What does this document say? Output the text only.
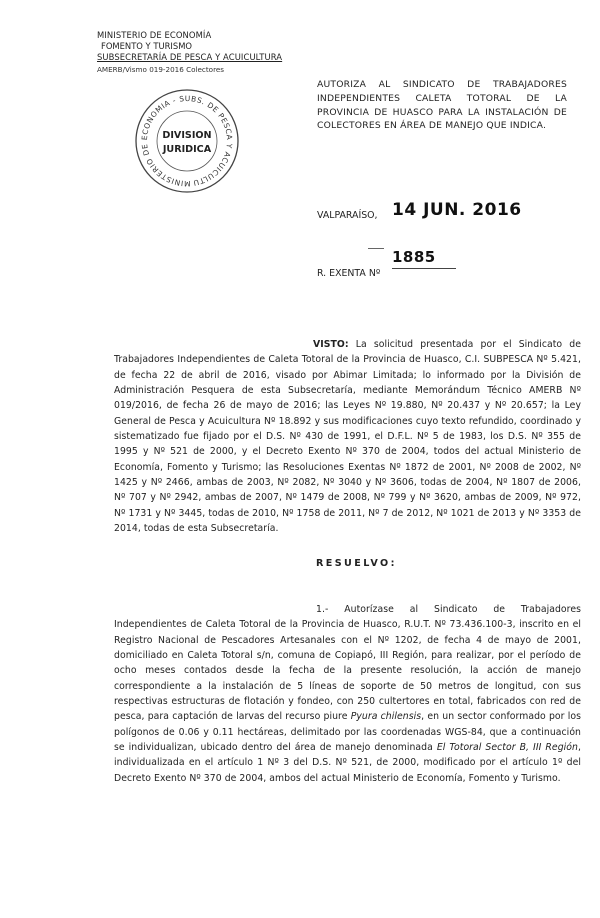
MINISTERIO DE ECONOMÍA
FOMENTO Y TURISMO
SUBSECRETARÍA DE PESCA Y ACUICULTURA
AMERB/Vismo 019-2016 Colectores
MINISTERIO DE ECONOMIA - SUBS. DE PESCA Y ACUICULTURA
DIVISION
JURIDICA
AUTORIZA AL SINDICATO DE TRABAJADORES INDEPENDIENTES CALETA TOTORAL DE LA PROVINCIA DE HUASCO PARA LA INSTALACIÓN DE COLECTORES EN ÁREA DE MANEJO QUE INDICA.
VALPARAÍSO, 14 JUN. 2016
R. EXENTA Nº
1885
VISTO: La solicitud presentada por el Sindicato de Trabajadores Independientes de Caleta Totoral de la Provincia de Huasco, C.I. SUBPESCA Nº 5.421, de fecha 22 de abril de 2016, visado por Abimar Limitada; lo informado por la División de Administración Pesquera de esta Subsecretaría, mediante Memorándum Técnico AMERB Nº 019/2016, de fecha 26 de mayo de 2016; las Leyes Nº 19.880, Nº 20.437 y Nº 20.657; la Ley General de Pesca y Acuicultura Nº 18.892 y sus modificaciones cuyo texto refundido, coordinado y sistematizado fue fijado por el D.S. Nº 430 de 1991, el D.F.L. Nº 5 de 1983, los D.S. Nº 355 de 1995 y Nº 521 de 2000, y el Decreto Exento Nº 370 de 2004, todos del actual Ministerio de Economía, Fomento y Turismo; las Resoluciones Exentas Nº 1872 de 2001, Nº 2008 de 2002, Nº 1425 y Nº 2466, ambas de 2003, Nº 2082, Nº 3040 y Nº 3606, todas de 2004, Nº 1807 de 2006, Nº 707 y Nº 2942, ambas de 2007, Nº 1479 de 2008, Nº 799 y Nº 3620, ambas de 2009, Nº 972, Nº 1731 y Nº 3445, todas de 2010, Nº 1758 de 2011, Nº 7 de 2012, Nº 1021 de 2013 y Nº 3353 de 2014, todas de esta Subsecretaría.
RESUELVO:
1.- Autorízase al Sindicato de Trabajadores Independientes de Caleta Totoral de la Provincia de Huasco, R.U.T. Nº 73.436.100-3, inscrito en el Registro Nacional de Pescadores Artesanales con el Nº 1202, de fecha 4 de mayo de 2001, domiciliado en Caleta Totoral s/n, comuna de Copiapó, III Región, para realizar, por el período de ocho meses contados desde la fecha de la presente resolución, la acción de manejo correspondiente a la instalación de 5 líneas de soporte de 50 metros de longitud, con sus respectivas estructuras de flotación y fondeo, con 250 cultertores en total, fabricados con red de pesca, para captación de larvas del recurso piure Pyura chilensis, en un sector conformado por los polígonos de 0.06 y 0.11 hectáreas, delimitado por las coordenadas WGS-84, que a continuación se individualizan, ubicado dentro del área de manejo denominada El Totoral Sector B, III Región, individualizada en el artículo 1 Nº 3 del D.S. Nº 521, de 2000, modificado por el artículo 1º del Decreto Exento Nº 370 de 2004, ambos del actual Ministerio de Economía, Fomento y Turismo.
